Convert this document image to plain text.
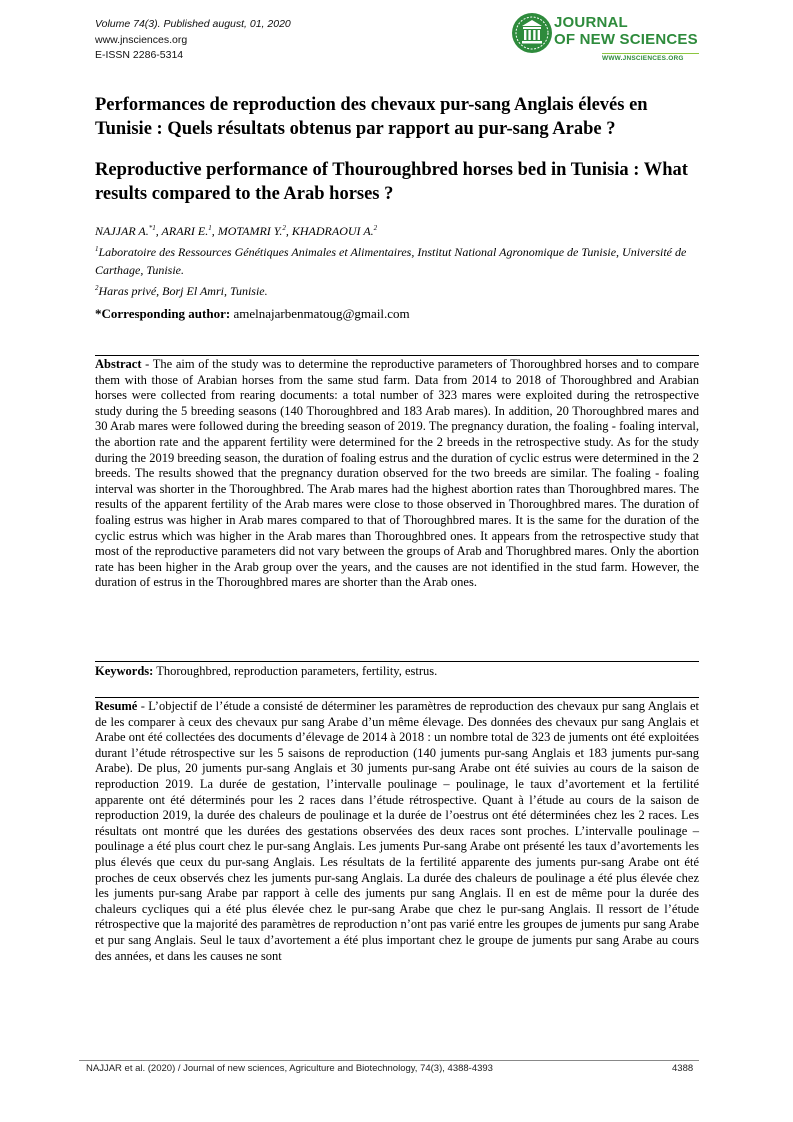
Volume 74(3). Published august, 01, 2020
www.jnsciences.org
E-ISSN 2286-5314
JOURNAL
OF NEW SCIENCES
WWW.JNSCIENCES.ORG
Performances de reproduction des chevaux pur-sang Anglais élevés en Tunisie : Quels résultats obtenus par rapport au pur-sang Arabe ?
Reproductive performance of Thouroughbred horses bed in Tunisia : What results compared to the Arab horses ?
NAJJAR A.$^{*1}$, ARARI E.$^1$, MOTAMRI Y.$^2$, KHADRAOUI A.$^2$
$^1$Laboratoire des Ressources Génétiques Animales et Alimentaires, Institut National Agronomique de Tunisie, Université de Carthage, Tunisie.
$^2$Haras privé, Borj El Amri, Tunisie.
*Corresponding author: amelnajarbenmatoug@gmail.com

Abstract - The aim of the study was to determine the reproductive parameters of Thoroughbred horses and to compare them with those of Arabian horses from the same stud farm. Data from 2014 to 2018 of Thoroughbred and Arabian horses were collected from rearing documents: a total number of 323 mares were exploited during the retrospective study during the 5 breeding seasons (140 Thoroughbred and 183 Arab mares). In addition, 20 Thoroughbred mares and 30 Arab mares were followed during the breeding season of 2019. The pregnancy duration, the foaling - foaling interval, the abortion rate and the apparent fertility were determined for the 2 breeds in the retrospective study. As for the study during the 2019 breeding season, the duration of foaling estrus and the duration of cyclic estrus were determined in the 2 breeds. The results showed that the pregnancy duration observed for the two breeds are similar. The foaling - foaling interval was shorter in the Thoroughbred. The Arab mares had the highest abortion rates than Thoroughbred mares. The results of the apparent fertility of the Arab mares were close to those observed in Thoroughbred mares. The duration of foaling estrus was higher in Arab mares compared to that of Thoroughbred mares. It is the same for the duration of the cyclic estrus which was higher in the Arab mares than Thoroughbred ones. It appears from the retrospective study that most of the reproductive parameters did not vary between the groups of Arab and Thorughbred mares. Only the abortion rate has been higher in the Arab group over the years, and the causes are not identified in the stud farm. However, the duration of estrus in the Thoroughbred mares are shorter than the Arab ones.

Keywords: Thoroughbred, reproduction parameters, fertility, estrus.

Resumé - L’objectif de l’étude a consisté de déterminer les paramètres de reproduction des chevaux pur sang Anglais et de les comparer à ceux des chevaux pur sang Arabe d’un même élevage. Des données des chevaux pur sang Anglais et Arabe ont été collectées des documents d’élevage de 2014 à 2018 : un nombre total de 323 de juments ont été exploitées durant l’étude rétrospective sur les 5 saisons de reproduction (140 juments pur-sang Anglais et 183 juments pur-sang Arabe). De plus, 20 juments pur-sang Anglais et 30 juments pur-sang Arabe ont été suivies au cours de la saison de reproduction 2019. La durée de gestation, l’intervalle poulinage – poulinage, le taux d’avortement et la fertilité apparente ont été déterminés pour les 2 races dans l’étude rétrospective. Quant à l’étude au cours de la saison de reproduction 2019, la durée des chaleurs de poulinage et la durée de l’oestrus ont été déterminées chez les 2 races. Les résultats ont montré que les durées des gestations observées des deux races sont proches. L’intervalle poulinage – poulinage a été plus court chez le pur-sang Anglais. Les juments Pur-sang Arabe ont présenté les taux d’avortements les plus élevés que ceux du pur-sang Anglais. Les résultats de la fertilité apparente des juments pur-sang Arabe ont été proches de ceux observés chez les juments pur-sang Anglais. La durée des chaleurs de poulinage a été plus élevée chez les juments pur-sang Arabe par rapport à celle des juments pur sang Anglais. Il en est de même pour la durée des chaleurs cycliques qui a été plus élevée chez le pur-sang Arabe que chez le pur-sang Anglais. Il ressort de l’étude rétrospective que la majorité des paramètres de reproduction n’ont pas varié entre les groupes de juments pur sang Arabe et pur sang Anglais. Seul le taux d’avortement a été plus important chez le groupe de juments pur sang Arabe au cours des années, et dans les causes ne sont

NAJJAR et al. (2020) / Journal of new sciences, Agriculture and Biotechnology, 74(3), 4388-4393	4388
